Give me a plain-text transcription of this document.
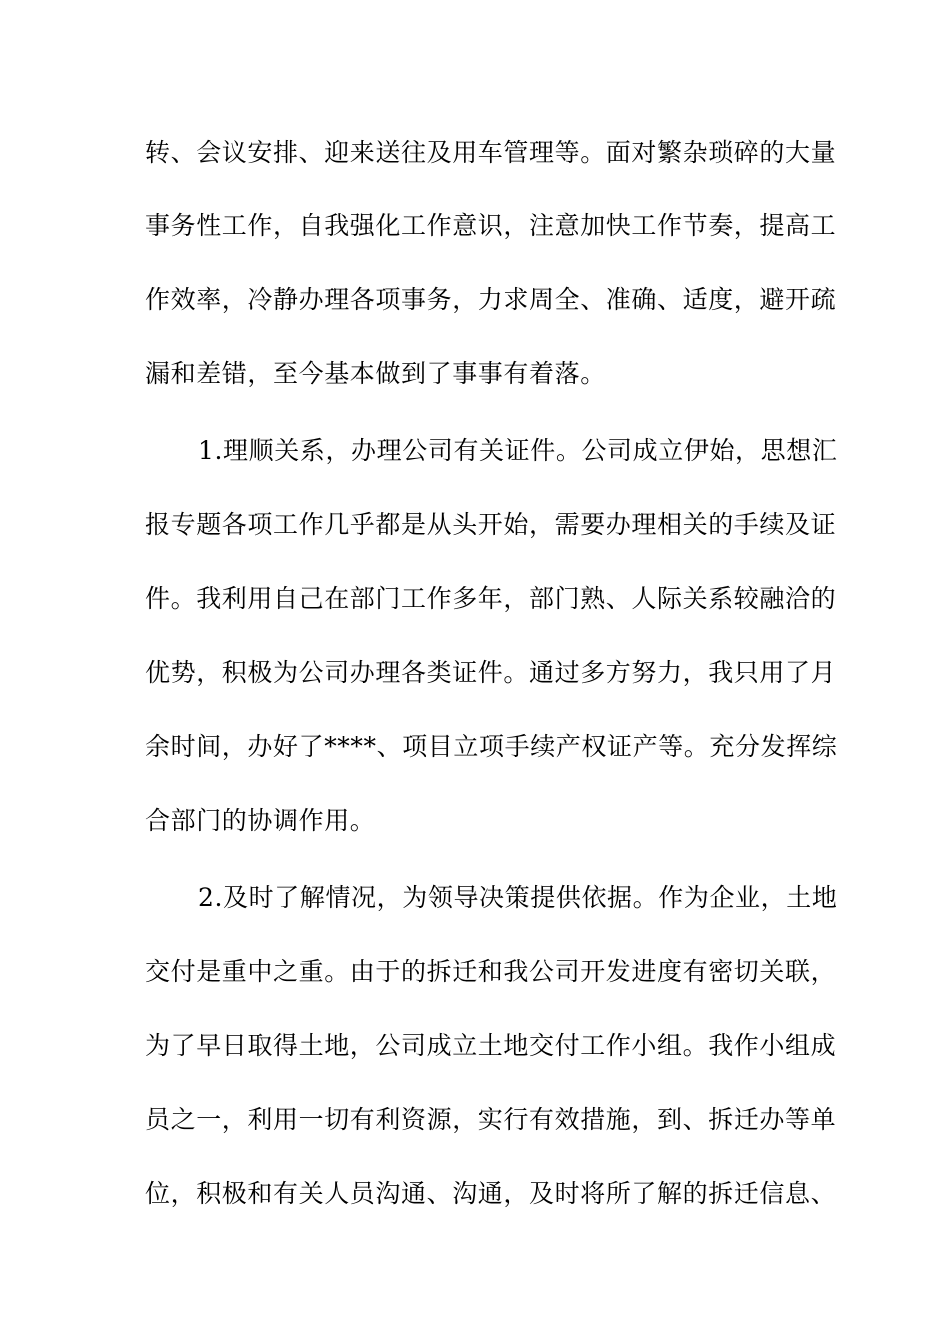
转、会议安排、迎来送往及用车管理等。面对繁杂琐碎的大量
事务性工作，自我强化工作意识，注意加快工作节奏，提高工
作效率，冷静办理各项事务，力求周全、准确、适度，避开疏
漏和差错，至今基本做到了事事有着落。
1.理顺关系，办理公司有关证件。公司成立伊始，思想汇
报专题各项工作几乎都是从头开始，需要办理相关的手续及证
件。我利用自己在部门工作多年，部门熟、人际关系较融洽的
优势，积极为公司办理各类证件。通过多方努力，我只用了月
余时间，办好了****、项目立项手续产权证产等。充分发挥综
合部门的协调作用。
2.及时了解情况，为领导决策提供依据。作为企业，土地
交付是重中之重。由于的拆迁和我公司开发进度有密切关联，
为了早日取得土地，公司成立土地交付工作小组。我作小组成
员之一，利用一切有利资源，实行有效措施，到、拆迁办等单
位，积极和有关人员沟通、沟通，及时将所了解的拆迁信息、
